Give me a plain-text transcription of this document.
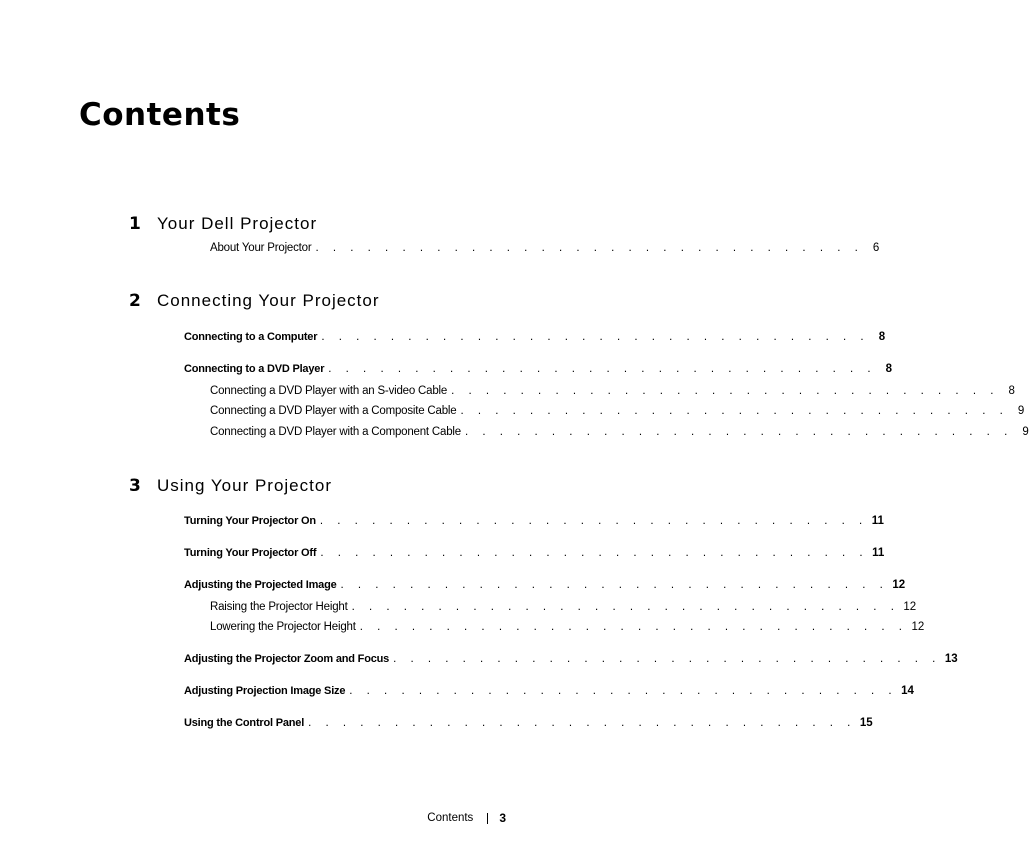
Contents
1 Your Dell Projector
About Your Projector . . . . . . . . . . . . . . . . . . . . . . . . . . . . . . . . 6
2 Connecting Your Projector
Connecting to a Computer . . . . . . . . . . . . . . . . . . . . . . . . . . . . . . . . 8
Connecting to a DVD Player . . . . . . . . . . . . . . . . . . . . . . . . . . . . . . . . 8
Connecting a DVD Player with an S-video Cable . . . . . . . . . . . . . . . . . . . . . . . . . . . . . . . . 8
Connecting a DVD Player with a Composite Cable . . . . . . . . . . . . . . . . . . . . . . . . . . . . . . . . 9
Connecting a DVD Player with a Component Cable . . . . . . . . . . . . . . . . . . . . . . . . . . . . . . . . 9
3 Using Your Projector
Turning Your Projector On . . . . . . . . . . . . . . . . . . . . . . . . . . . . . . . . 11
Turning Your Projector Off . . . . . . . . . . . . . . . . . . . . . . . . . . . . . . . . 11
Adjusting the Projected Image . . . . . . . . . . . . . . . . . . . . . . . . . . . . . . . . 12
Raising the Projector Height . . . . . . . . . . . . . . . . . . . . . . . . . . . . . . . . 12
Lowering the Projector Height . . . . . . . . . . . . . . . . . . . . . . . . . . . . . . . . 12
Adjusting the Projector Zoom and Focus . . . . . . . . . . . . . . . . . . . . . . . . . . . . . . . . 13
Adjusting Projection Image Size . . . . . . . . . . . . . . . . . . . . . . . . . . . . . . . . 14
Using the Control Panel . . . . . . . . . . . . . . . . . . . . . . . . . . . . . . . . 15
Contents 3
